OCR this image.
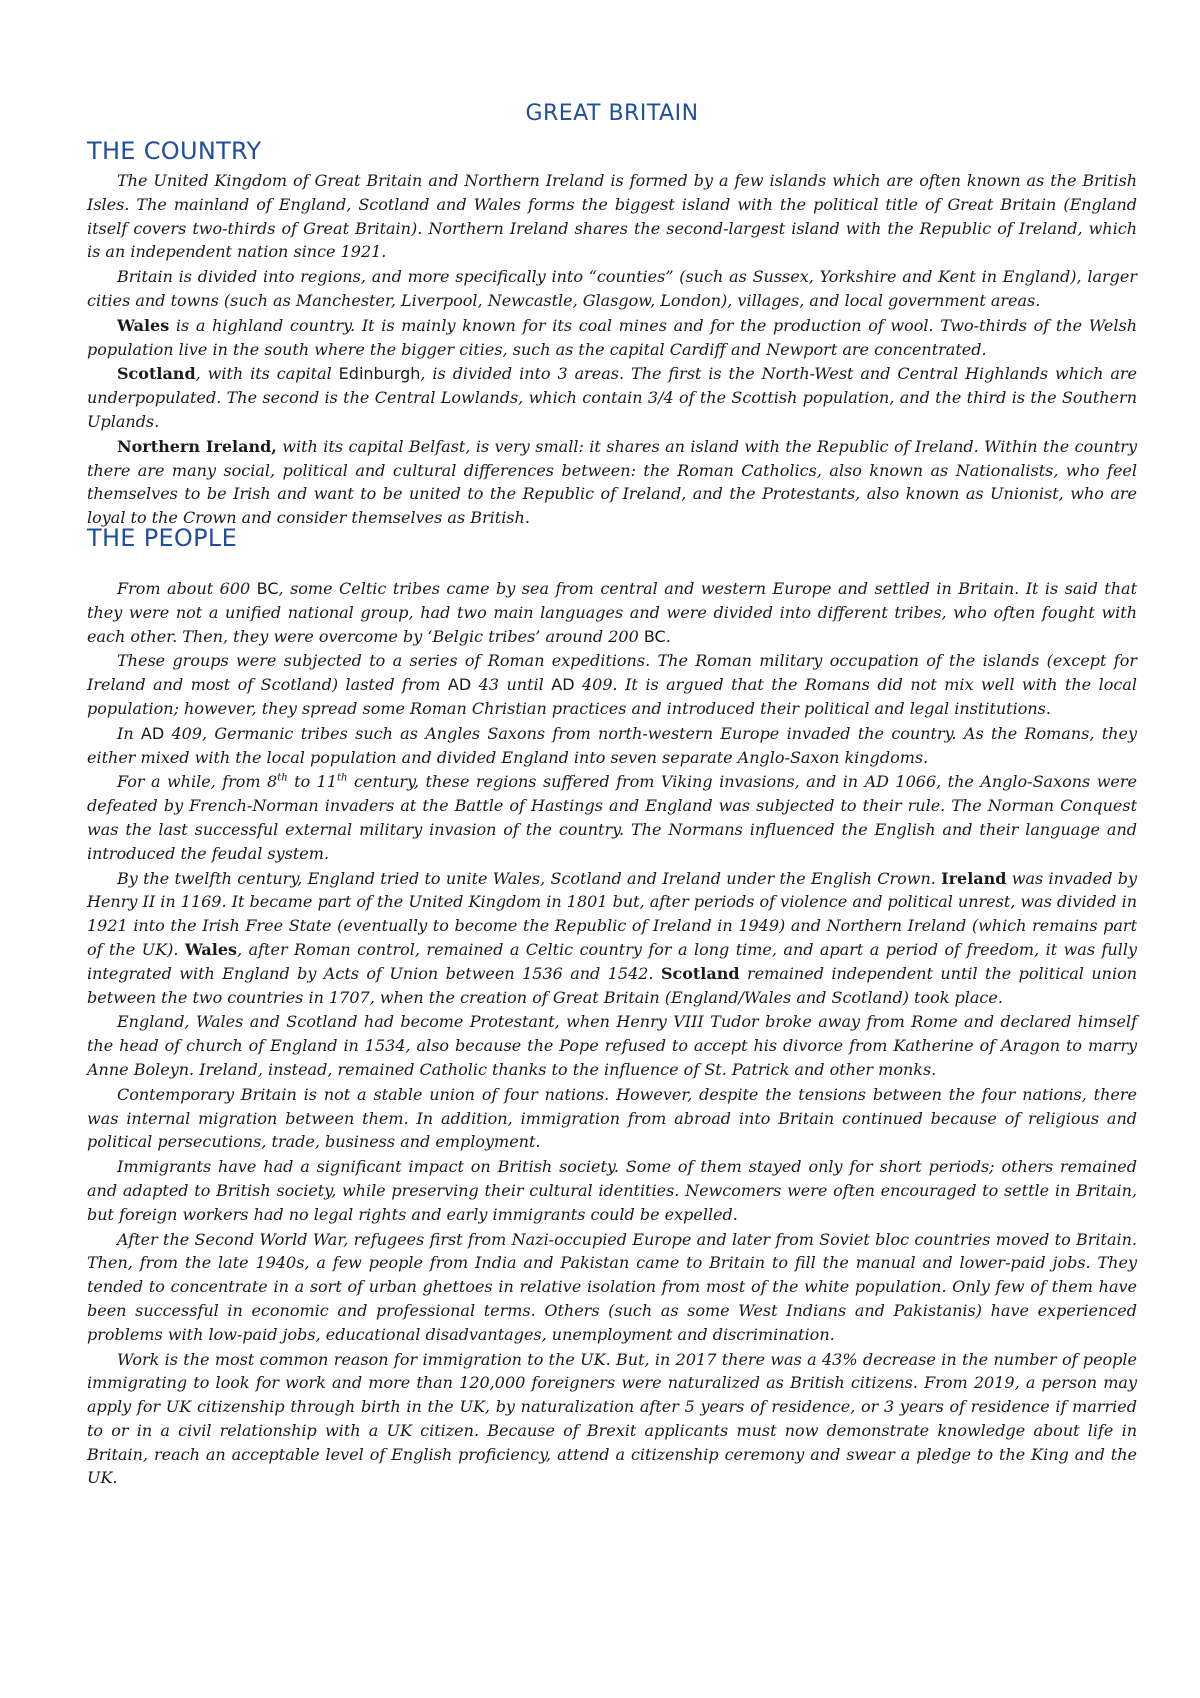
GREAT BRITAIN
THE COUNTRY

The United Kingdom of Great Britain and Northern Ireland is formed by a few islands which are often known as the British Isles. The mainland of England, Scotland and Wales forms the biggest island with the political title of Great Britain (England itself covers two-thirds of Great Britain). Northern Ireland shares the second-largest island with the Republic of Ireland, which is an independent nation since 1921.

Britain is divided into regions, and more specifically into “counties” (such as Sussex, Yorkshire and Kent in England), larger cities and towns (such as Manchester, Liverpool, Newcastle, Glasgow, London), villages, and local government areas.

Wales is a highland country. It is mainly known for its coal mines and for the production of wool. Two-thirds of the Welsh population live in the south where the bigger cities, such as the capital Cardiff and Newport are concentrated.

Scotland, with its capital Edinburgh, is divided into 3 areas. The first is the North-West and Central Highlands which are underpopulated. The second is the Central Lowlands, which contain 3/4 of the Scottish population, and the third is the Southern Uplands.

Northern Ireland, with its capital Belfast, is very small: it shares an island with the Republic of Ireland. Within the country there are many social, political and cultural differences between: the Roman Catholics, also known as Nationalists, who feel themselves to be Irish and want to be united to the Republic of Ireland, and the Protestants, also known as Unionist, who are loyal to the Crown and consider themselves as British.

THE PEOPLE

From about 600 BC, some Celtic tribes came by sea from central and western Europe and settled in Britain. It is said that they were not a unified national group, had two main languages and were divided into different tribes, who often fought with each other. Then, they were overcome by ‘Belgic tribes’ around 200 BC.

These groups were subjected to a series of Roman expeditions. The Roman military occupation of the islands (except for Ireland and most of Scotland) lasted from AD 43 until AD 409. It is argued that the Romans did not mix well with the local population; however, they spread some Roman Christian practices and introduced their political and legal institutions.

In AD 409, Germanic tribes such as Angles Saxons from north-western Europe invaded the country. As the Romans, they either mixed with the local population and divided England into seven separate Anglo-Saxon kingdoms.

For a while, from 8th to 11th century, these regions suffered from Viking invasions, and in AD 1066, the Anglo-Saxons were defeated by French-Norman invaders at the Battle of Hastings and England was subjected to their rule. The Norman Conquest was the last successful external military invasion of the country. The Normans influenced the English and their language and introduced the feudal system.

By the twelfth century, England tried to unite Wales, Scotland and Ireland under the English Crown. Ireland was invaded by Henry II in 1169. It became part of the United Kingdom in 1801 but, after periods of violence and political unrest, was divided in 1921 into the Irish Free State (eventually to become the Republic of Ireland in 1949) and Northern Ireland (which remains part of the UK). Wales, after Roman control, remained a Celtic country for a long time, and apart a period of freedom, it was fully integrated with England by Acts of Union between 1536 and 1542. Scotland remained independent until the political union between the two countries in 1707, when the creation of Great Britain (England/Wales and Scotland) took place.

England, Wales and Scotland had become Protestant, when Henry VIII Tudor broke away from Rome and declared himself the head of church of England in 1534, also because the Pope refused to accept his divorce from Katherine of Aragon to marry Anne Boleyn. Ireland, instead, remained Catholic thanks to the influence of St. Patrick and other monks.

Contemporary Britain is not a stable union of four nations. However, despite the tensions between the four nations, there was internal migration between them. In addition, immigration from abroad into Britain continued because of religious and political persecutions, trade, business and employment.

Immigrants have had a significant impact on British society. Some of them stayed only for short periods; others remained and adapted to British society, while preserving their cultural identities. Newcomers were often encouraged to settle in Britain, but foreign workers had no legal rights and early immigrants could be expelled.

After the Second World War, refugees first from Nazi-occupied Europe and later from Soviet bloc countries moved to Britain. Then, from the late 1940s, a few people from India and Pakistan came to Britain to fill the manual and lower-paid jobs. They tended to concentrate in a sort of urban ghettoes in relative isolation from most of the white population. Only few of them have been successful in economic and professional terms. Others (such as some West Indians and Pakistanis) have experienced problems with low-paid jobs, educational disadvantages, unemployment and discrimination.

Work is the most common reason for immigration to the UK. But, in 2017 there was a 43% decrease in the number of people immigrating to look for work and more than 120,000 foreigners were naturalized as British citizens. From 2019, a person may apply for UK citizenship through birth in the UK, by naturalization after 5 years of residence, or 3 years of residence if married to or in a civil relationship with a UK citizen. Because of Brexit applicants must now demonstrate knowledge about life in Britain, reach an acceptable level of English proficiency, attend a citizenship ceremony and swear a pledge to the King and the UK.
